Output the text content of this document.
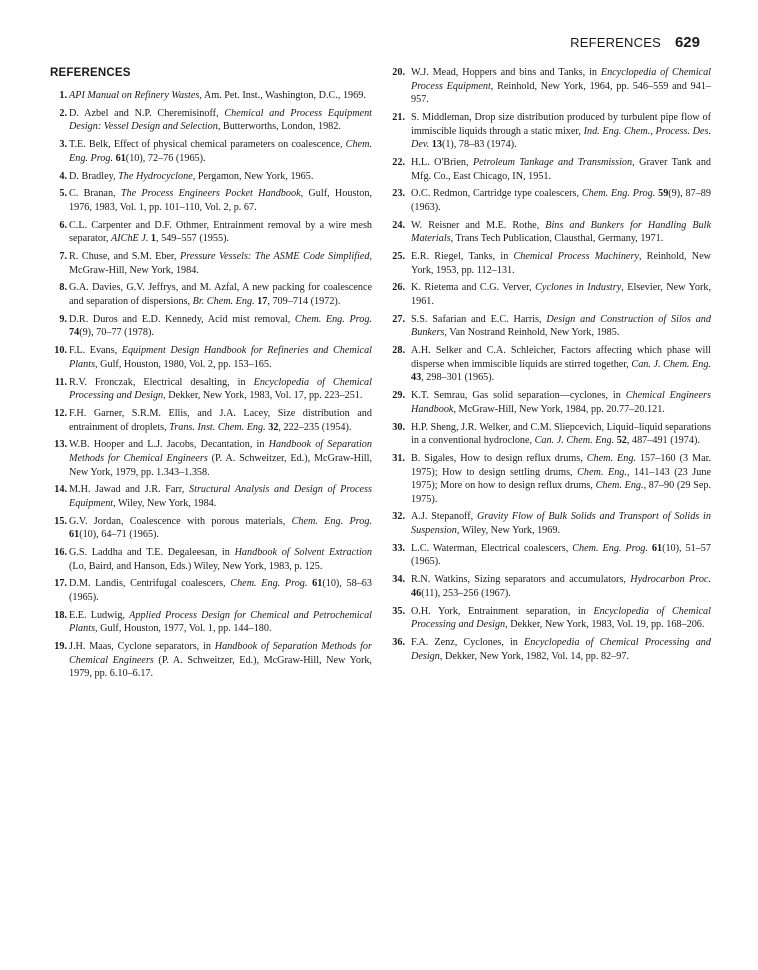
REFERENCES 629
REFERENCES
1. API Manual on Refinery Wastes, Am. Pet. Inst., Washington, D.C., 1969.
2. D. Azbel and N.P. Cheremisinoff, Chemical and Process Equipment Design: Vessel Design and Selection, Butterworths, London, 1982.
3. T.E. Belk, Effect of physical chemical parameters on coalescence, Chem. Eng. Prog. 61(10), 72–76 (1965).
4. D. Bradley, The Hydrocyclone, Pergamon, New York, 1965.
5. C. Branan, The Process Engineers Pocket Handbook, Gulf, Houston, 1976, 1983, Vol. 1, pp. 101–110, Vol. 2, p. 67.
6. C.L. Carpenter and D.F. Othmer, Entrainment removal by a wire mesh separator, AIChE J. 1, 549–557 (1955).
7. R. Chuse, and S.M. Eber, Pressure Vessels: The ASME Code Simplified, McGraw-Hill, New York, 1984.
8. G.A. Davies, G.V. Jeffrys, and M. Azfal, A new packing for coalescence and separation of dispersions, Br. Chem. Eng. 17, 709–714 (1972).
9. D.R. Duros and E.D. Kennedy, Acid mist removal, Chem. Eng. Prog. 74(9), 70–77 (1978).
10. F.L. Evans, Equipment Design Handbook for Refineries and Chemical Plants, Gulf, Houston, 1980, Vol. 2, pp. 153–165.
11. R.V. Fronczak, Electrical desalting, in Encyclopedia of Chemical Processing and Design, Dekker, New York, 1983, Vol. 17, pp. 223–251.
12. F.H. Garner, S.R.M. Ellis, and J.A. Lacey, Size distribution and entrainment of droplets, Trans. Inst. Chem. Eng. 32, 222–235 (1954).
13. W.B. Hooper and L.J. Jacobs, Decantation, in Handbook of Separation Methods for Chemical Engineers (P. A. Schweitzer, Ed.), McGraw-Hill, New York, 1979, pp. 1.343–1.358.
14. M.H. Jawad and J.R. Farr, Structural Analysis and Design of Process Equipment, Wiley, New York, 1984.
15. G.V. Jordan, Coalescence with porous materials, Chem. Eng. Prog. 61(10), 64–71 (1965).
16. G.S. Laddha and T.E. Degaleesan, in Handbook of Solvent Extraction (Lo, Baird, and Hanson, Eds.) Wiley, New York, 1983, p. 125.
17. D.M. Landis, Centrifugal coalescers, Chem. Eng. Prog. 61(10), 58–63 (1965).
18. E.E. Ludwig, Applied Process Design for Chemical and Petrochemical Plants, Gulf, Houston, 1977, Vol. 1, pp. 144–180.
19. J.H. Maas, Cyclone separators, in Handbook of Separation Methods for Chemical Engineers (P. A. Schweitzer, Ed.), McGraw-Hill, New York, 1979, pp. 6.10–6.17.
20. W.J. Mead, Hoppers and bins and Tanks, in Encyclopedia of Chemical Process Equipment, Reinhold, New York, 1964, pp. 546–559 and 941–957.
21. S. Middleman, Drop size distribution produced by turbulent pipe flow of immiscible liquids through a static mixer, Ind. Eng. Chem., Process. Des. Dev. 13(1), 78–83 (1974).
22. H.L. O'Brien, Petroleum Tankage and Transmission, Graver Tank and Mfg. Co., East Chicago, IN, 1951.
23. O.C. Redmon, Cartridge type coalescers, Chem. Eng. Prog. 59(9), 87–89 (1963).
24. W. Reisner and M.E. Rothe, Bins and Bunkers for Handling Bulk Materials, Trans Tech Publication, Clausthal, Germany, 1971.
25. E.R. Riegel, Tanks, in Chemical Process Machinery, Reinhold, New York, 1953, pp. 112–131.
26. K. Rietema and C.G. Verver, Cyclones in Industry, Elsevier, New York, 1961.
27. S.S. Safarian and E.C. Harris, Design and Construction of Silos and Bunkers, Van Nostrand Reinhold, New York, 1985.
28. A.H. Selker and C.A. Schleicher, Factors affecting which phase will disperse when immiscible liquids are stirred together, Can. J. Chem. Eng. 43, 298–301 (1965).
29. K.T. Semrau, Gas solid separation—cyclones, in Chemical Engineers Handbook, McGraw-Hill, New York, 1984, pp. 20.77–20.121.
30. H.P. Sheng, J.R. Welker, and C.M. Sliepcevich, Liquid–liquid separations in a conventional hydroclone, Can. J. Chem. Eng. 52, 487–491 (1974).
31. B. Sigales, How to design reflux drums, Chem. Eng. 157–160 (3 Mar. 1975); How to design settling drums, Chem. Eng., 141–143 (23 June 1975); More on how to design reflux drums, Chem. Eng., 87–90 (29 Sep. 1975).
32. A.J. Stepanoff, Gravity Flow of Bulk Solids and Transport of Solids in Suspension, Wiley, New York, 1969.
33. L.C. Waterman, Electrical coalescers, Chem. Eng. Prog. 61(10), 51–57 (1965).
34. R.N. Watkins, Sizing separators and accumulators, Hydrocarbon Proc. 46(11), 253–256 (1967).
35. O.H. York, Entrainment separation, in Encyclopedia of Chemical Processing and Design, Dekker, New York, 1983, Vol. 19, pp. 168–206.
36. F.A. Zenz, Cyclones, in Encyclopedia of Chemical Processing and Design, Dekker, New York, 1982, Vol. 14, pp. 82–97.
